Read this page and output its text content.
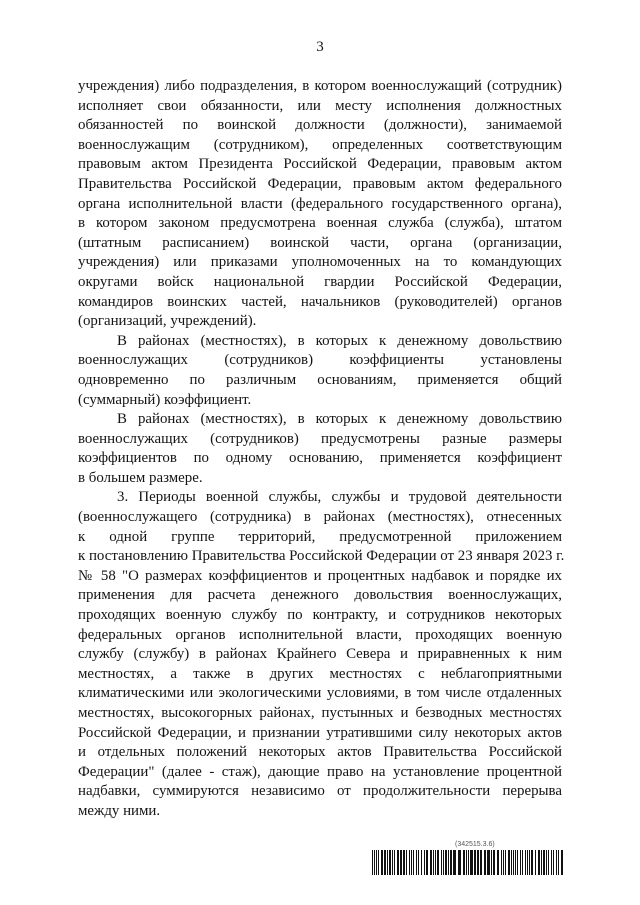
3
учреждения) либо подразделения, в котором военнослужащий (сотрудник)
исполняет свои обязанности, или месту исполнения должностных
обязанностей по воинской должности (должности), занимаемой
военнослужащим (сотрудником), определенных соответствующим
правовым актом Президента Российской Федерации, правовым актом
Правительства Российской Федерации, правовым актом федерального
органа исполнительной власти (федерального государственного органа),
в котором законом предусмотрена военная служба (служба), штатом
(штатным расписанием) воинской части, органа (организации,
учреждения) или приказами уполномоченных на то командующих
округами войск национальной гвардии Российской Федерации,
командиров воинских частей, начальников (руководителей) органов
(организаций, учреждений).
В районах (местностях), в которых к денежному довольствию
военнослужащих (сотрудников) коэффициенты установлены
одновременно по различным основаниям, применяется общий
(суммарный) коэффициент.
В районах (местностях), в которых к денежному довольствию
военнослужащих (сотрудников) предусмотрены разные размеры
коэффициентов по одному основанию, применяется коэффициент
в большем размере.
3. Периоды военной службы, службы и трудовой деятельности
(военнослужащего (сотрудника) в районах (местностях), отнесенных
к одной группе территорий, предусмотренной приложением
к постановлению Правительства Российской Федерации от 23 января 2023 г.
№ 58 "О размерах коэффициентов и процентных надбавок и порядке их
применения для расчета денежного довольствия военнослужащих,
проходящих военную службу по контракту, и сотрудников некоторых
федеральных органов исполнительной власти, проходящих военную
службу (службу) в районах Крайнего Севера и приравненных к ним
местностях, а также в других местностях с неблагоприятными
климатическими или экологическими условиями, в том числе отдаленных
местностях, высокогорных районах, пустынных и безводных местностях
Российской Федерации, и признании утратившими силу некоторых актов
и отдельных положений некоторых актов Правительства Российской
Федерации" (далее - стаж), дающие право на установление процентной
надбавки, суммируются независимо от продолжительности перерыва
между ними.
(342515.3.6)
